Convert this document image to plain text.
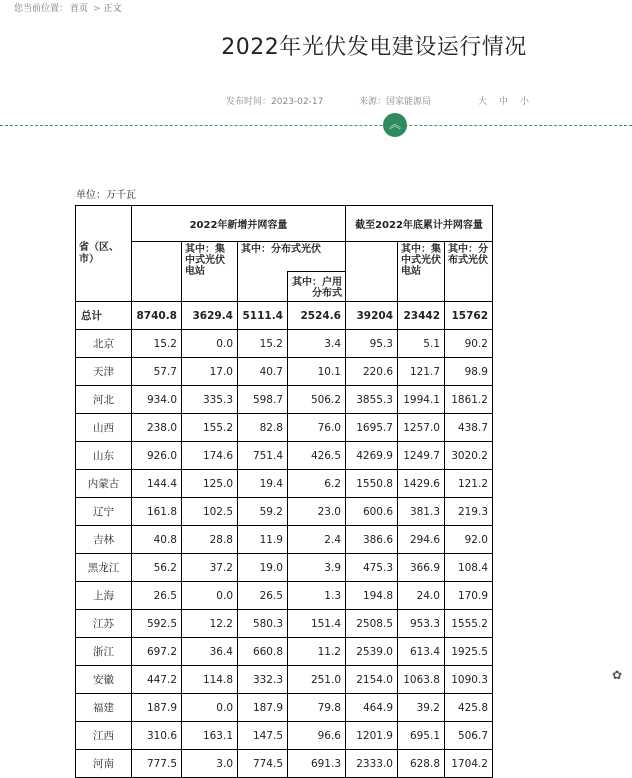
您当前位置： 首页 > 正文
2022年光伏发电建设运行情况
发布时间：2023-02-17	来源：国家能源局	大 中 小
︽
单位：万千瓦
省（区、市）	2022年新增并网容量				截至2022年底累计并网容量		
		其中：集中式光伏电站	其中：分布式光伏			其中：集中式光伏电站	其中：分布式光伏
				其中：户用分布式			
总计	8740.8	3629.4	5111.4	2524.6	39204	23442	15762
北京	15.2	0.0	15.2	3.4	95.3	5.1	90.2
天津	57.7	17.0	40.7	10.1	220.6	121.7	98.9
河北	934.0	335.3	598.7	506.2	3855.3	1994.1	1861.2
山西	238.0	155.2	82.8	76.0	1695.7	1257.0	438.7
山东	926.0	174.6	751.4	426.5	4269.9	1249.7	3020.2
内蒙古	144.4	125.0	19.4	6.2	1550.8	1429.6	121.2
辽宁	161.8	102.5	59.2	23.0	600.6	381.3	219.3
吉林	40.8	28.8	11.9	2.4	386.6	294.6	92.0
黑龙江	56.2	37.2	19.0	3.9	475.3	366.9	108.4
上海	26.5	0.0	26.5	1.3	194.8	24.0	170.9
江苏	592.5	12.2	580.3	151.4	2508.5	953.3	1555.2
浙江	697.2	36.4	660.8	11.2	2539.0	613.4	1925.5
安徽	447.2	114.8	332.3	251.0	2154.0	1063.8	1090.3
福建	187.9	0.0	187.9	79.8	464.9	39.2	425.8
江西	310.6	163.1	147.5	96.6	1201.9	695.1	506.7
河南	777.5	3.0	774.5	691.3	2333.0	628.8	1704.2
✿
